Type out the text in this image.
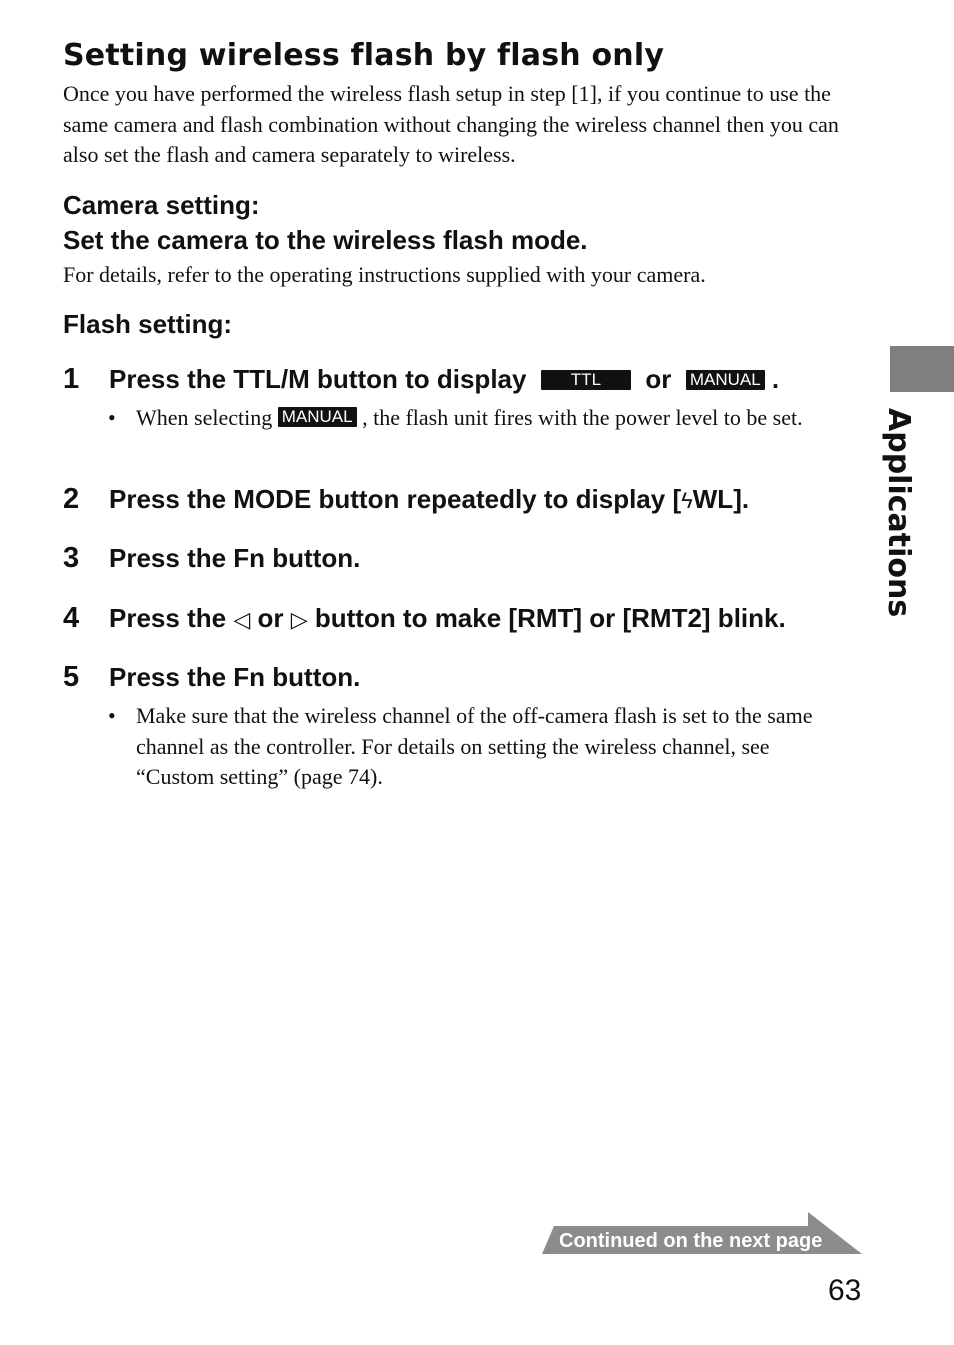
Setting wireless flash by flash only
Once you have performed the wireless flash setup in step [1], if you continue to use the same camera and flash combination without changing the wireless channel then you can also set the flash and camera separately to wireless.
Camera setting:
Set the camera to the wireless flash mode.
For details, refer to the operating instructions supplied with your camera.
Flash setting:
1 Press the TTL/M button to display	TTL or MANUAL .
• When selecting MANUAL , the flash unit fires with the power level to be set.
2 Press the MODE button repeatedly to display [ϟWL].
3 Press the Fn button.
4 Press the ◁ or ▷ button to make [RMT] or [RMT2] blink.
5 Press the Fn button.
• Make sure that the wireless channel of the off-camera flash is set to the same channel as the controller. For details on setting the wireless channel, see “Custom setting” (page 74).
Applications
Continued on the next page
63
